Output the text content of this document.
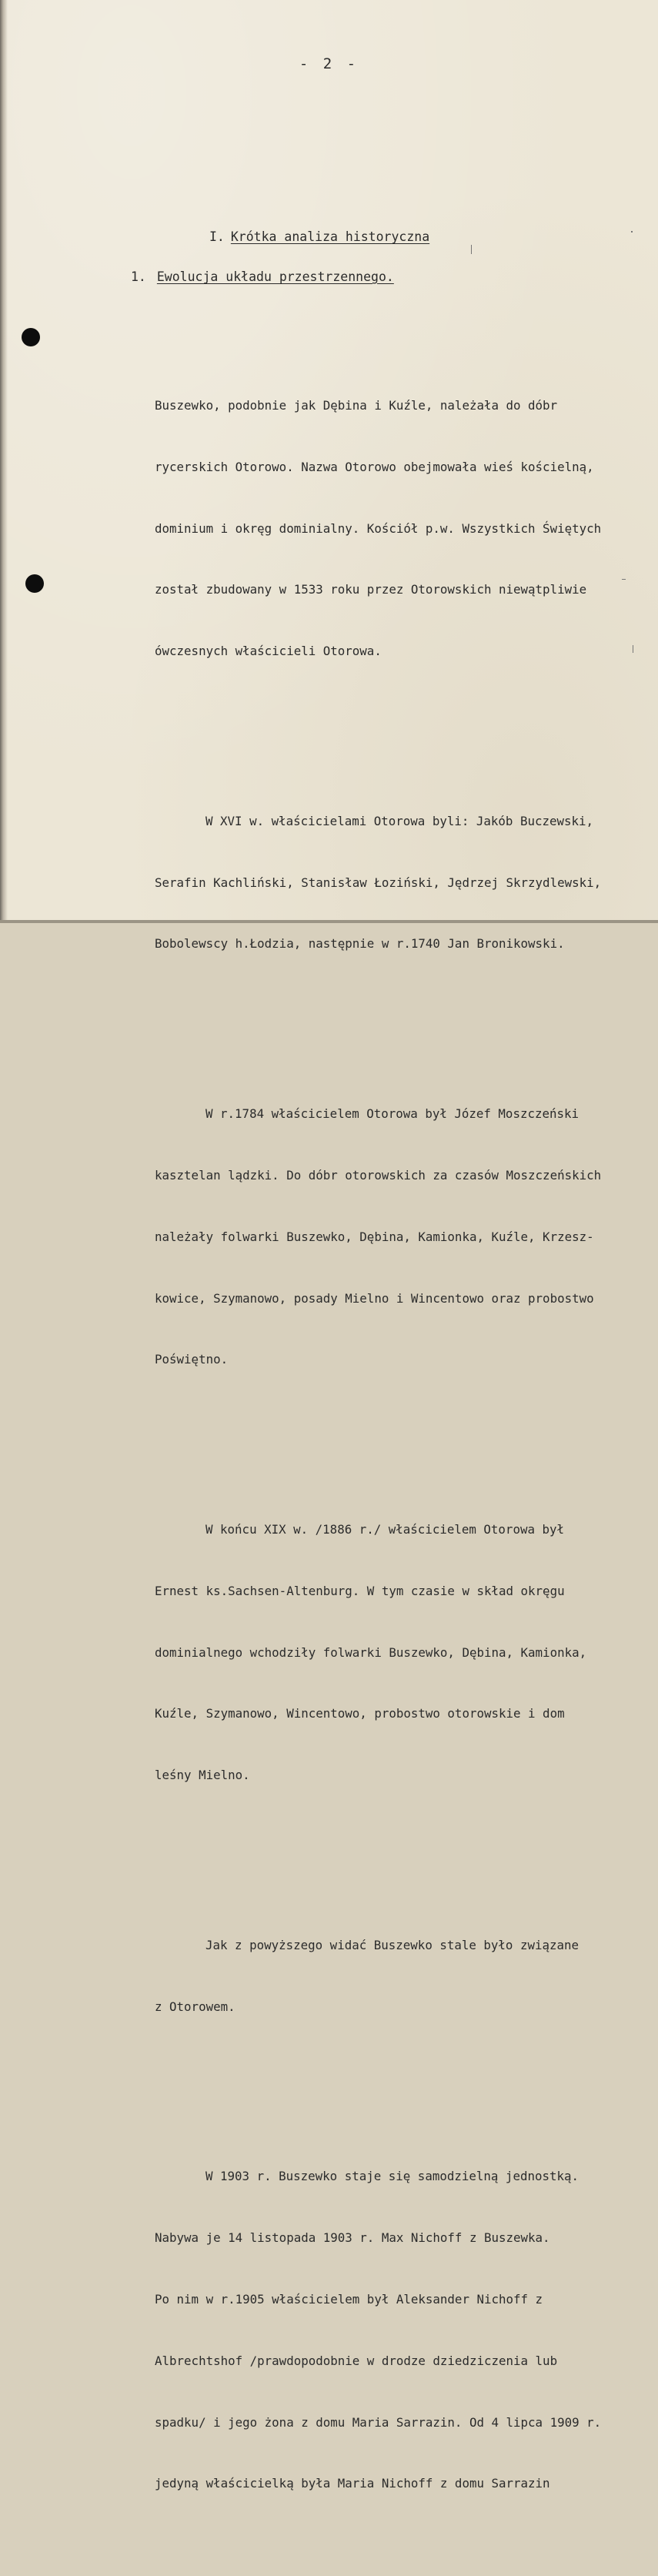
- 2 -
I. Krótka analiza historyczna
1. Ewolucja układu przestrzennego.

Buszewko, podobnie jak Dębina i Kuźle, należała do dóbr

rycerskich Otorowo. Nazwa Otorowo obejmowała wieś kościelną,

dominium i okręg dominialny. Kościół p.w. Wszystkich Świętych

został zbudowany w 1533 roku przez Otorowskich niewątpliwie

ówczesnych właścicieli Otorowa.

W XVI w. właścicielami Otorowa byli: Jakób Buczewski,

Serafin Kachliński, Stanisław Łoziński, Jędrzej Skrzydlewski,

Bobolewscy h.Łodzia, następnie w r.1740 Jan Bronikowski.

W r.1784 właścicielem Otorowa był Józef Moszczeński

kasztelan lądzki. Do dóbr otorowskich za czasów Moszczeńskich

należały folwarki Buszewko, Dębina, Kamionka, Kuźle, Krzesz-

kowice, Szymanowo, posady Mielno i Wincentowo oraz probostwo

Poświętno.

W końcu XIX w. /1886 r./ właścicielem Otorowa był

Ernest ks.Sachsen-Altenburg. W tym czasie w skład okręgu

dominialnego wchodziły folwarki Buszewko, Dębina, Kamionka,

Kuźle, Szymanowo, Wincentowo, probostwo otorowskie i dom

leśny Mielno.

Jak z powyższego widać Buszewko stale było związane

z Otorowem.

W 1903 r. Buszewko staje się samodzielną jednostką.

Nabywa je 14 listopada 1903 r. Max Nichoff z Buszewka.

Po nim w r.1905 właścicielem był Aleksander Nichoff z

Albrechtshof /prawdopodobnie w drodze dziedziczenia lub

spadku/ i jego żona z domu Maria Sarrazin. Od 4 lipca 1909 r.

jedyną właścicielką była Maria Nichoff z domu Sarrazin
